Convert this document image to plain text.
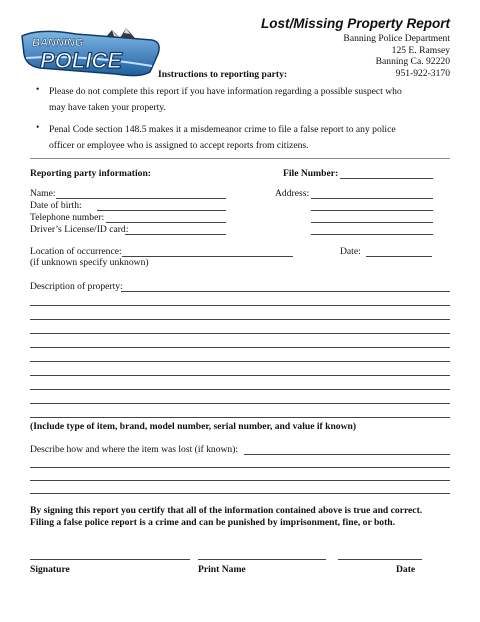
Lost/Missing Property Report
Banning Police Department
125 E. Ramsey
Banning Ca. 92220
951-922-3170
BANNING
POLICE
Instructions to reporting party:
• Please do not complete this report if you have information regarding a possible suspect who
may have taken your property.
• Penal Code section 148.5 makes it a misdemeanor crime to file a false report to any police
officer or employee who is assigned to accept reports from citizens.
Reporting party information:	File Number:
Name:	Address:
Date of birth:
Telephone number:
Driver’s License/ID card:
Location of occurrence:	Date:
(if unknown specify unknown)
Description of property:
(Include type of item, brand, model number, serial number, and value if known)
Describe how and where the item was lost (if known):
By signing this report you certify that all of the information contained above is true and correct.
Filing a false police report is a crime and can be punished by imprisonment, fine, or both.
Signature	Print Name	Date
